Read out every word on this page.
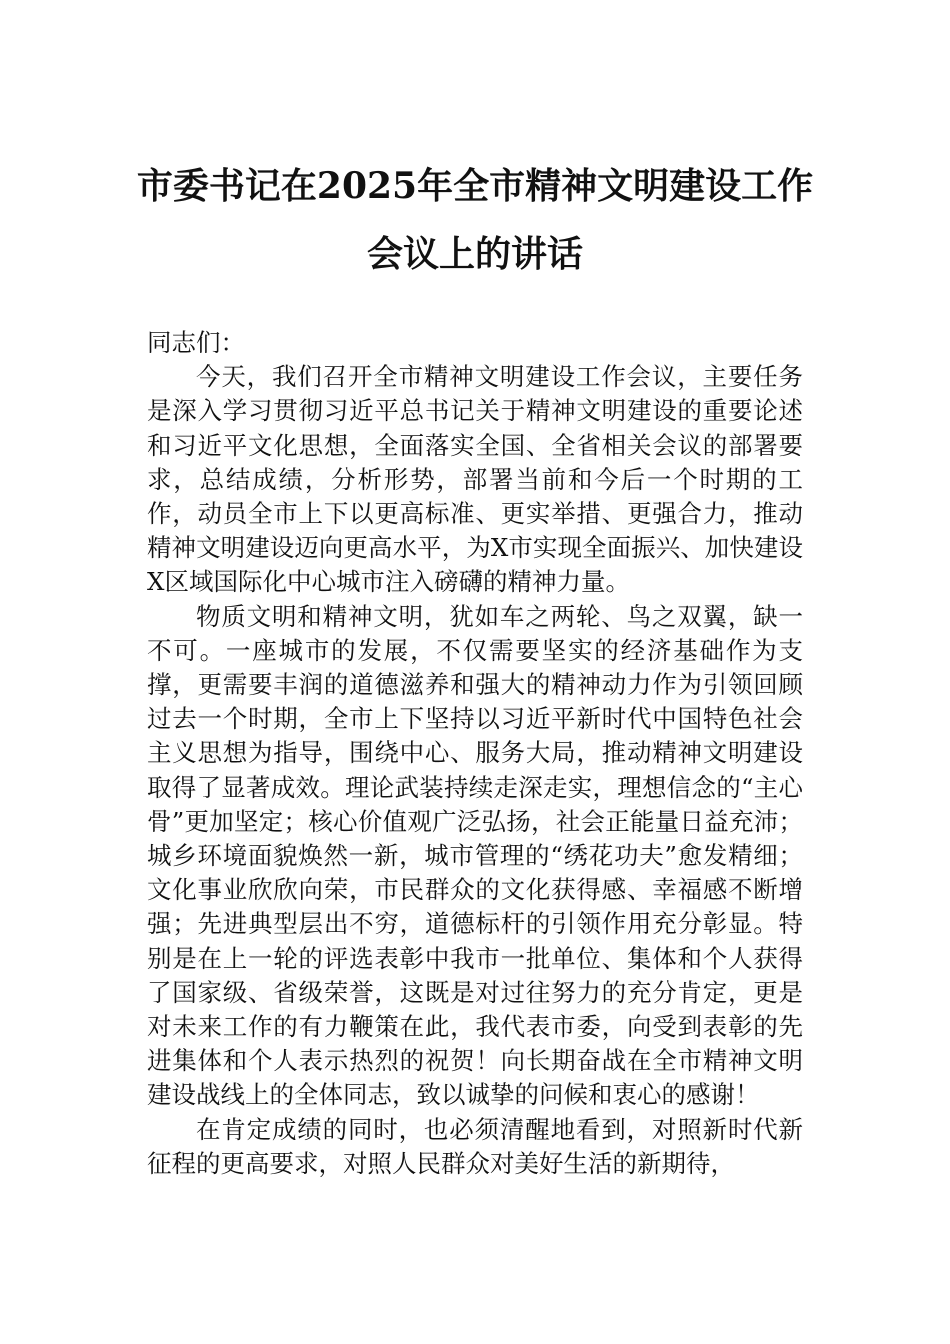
市委书记在2025年全市精神文明建设工作
会议上的讲话

同志们：

今天，我们召开全市精神文明建设工作会议，主要任务是深入学习贯彻习近平总书记关于精神文明建设的重要论述和习近平文化思想，全面落实全国、全省相关会议的部署要求，总结成绩，分析形势，部署当前和今后一个时期的工作，动员全市上下以更高标准、更实举措、更强合力，推动精神文明建设迈向更高水平，为X市实现全面振兴、加快建设X区域国际化中心城市注入磅礴的精神力量。

物质文明和精神文明，犹如车之两轮、鸟之双翼，缺一不可。一座城市的发展，不仅需要坚实的经济基础作为支撑，更需要丰润的道德滋养和强大的精神动力作为引领回顾过去一个时期，全市上下坚持以习近平新时代中国特色社会主义思想为指导，围绕中心、服务大局，推动精神文明建设取得了显著成效。理论武装持续走深走实，理想信念的“主心骨”更加坚定；核心价值观广泛弘扬，社会正能量日益充沛；城乡环境面貌焕然一新，城市管理的“绣花功夫”愈发精细；文化事业欣欣向荣，市民群众的文化获得感、幸福感不断增强；先进典型层出不穷，道德标杆的引领作用充分彰显。特别是在上一轮的评选表彰中我市一批单位、集体和个人获得了国家级、省级荣誉，这既是对过往努力的充分肯定，更是对未来工作的有力鞭策在此，我代表市委，向受到表彰的先进集体和个人表示热烈的祝贺！向长期奋战在全市精神文明建设战线上的全体同志，致以诚挚的问候和衷心的感谢！

在肯定成绩的同时，也必须清醒地看到，对照新时代新征程的更高要求，对照人民群众对美好生活的新期待，
